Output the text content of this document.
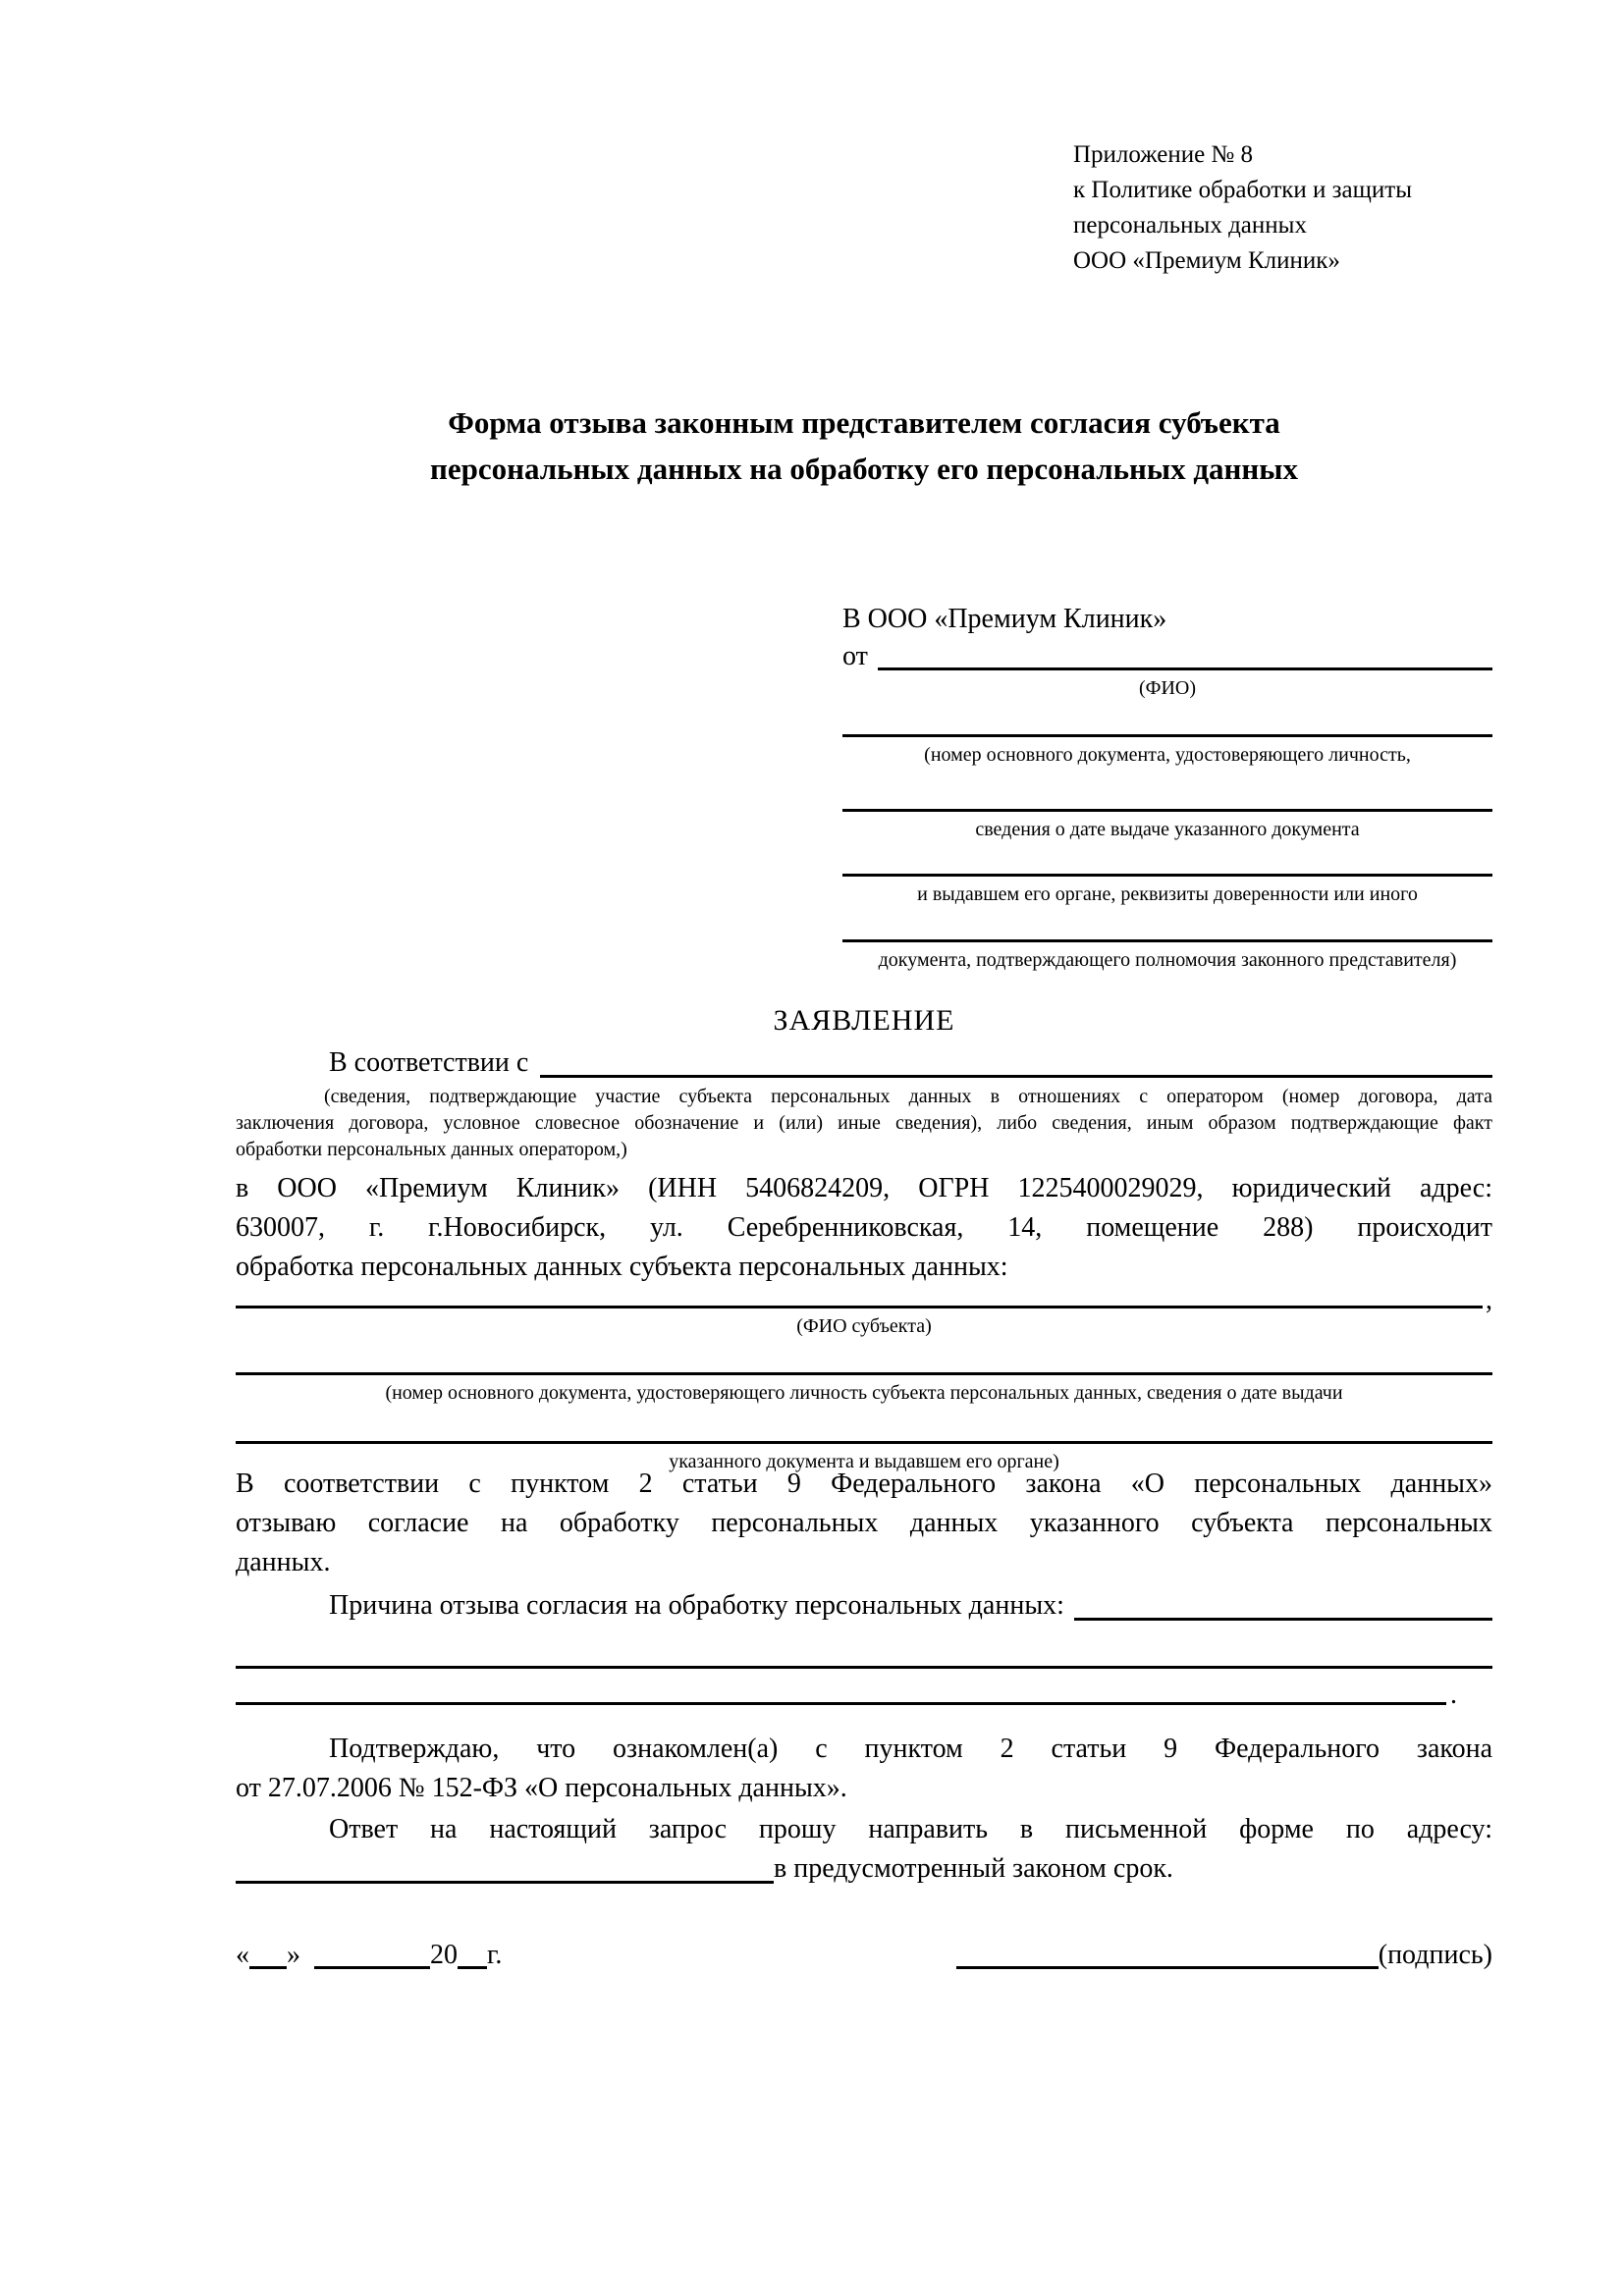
Приложение № 8
к Политике обработки и защиты
персональных данных
ООО «Премиум Клиник»
Форма отзыва законным представителем согласия субъекта
персональных данных на обработку его персональных данных
В ООО «Премиум Клиник»
от
(ФИО)
(номер основного документа, удостоверяющего личность,
сведения о дате выдаче указанного документа
и выдавшем его органе, реквизиты доверенности или иного
документа, подтверждающего полномочия законного представителя)
ЗАЯВЛЕНИЕ
В соответствии с
(сведения, подтверждающие участие субъекта персональных данных в отношениях с оператором (номер договора, дата
заключения договора, условное словесное обозначение и (или) иные сведения), либо сведения, иным образом подтверждающие факт
обработки персональных данных оператором,)
в ООО «Премиум Клиник» (ИНН 5406824209, ОГРН 1225400029029, юридический адрес:
630007, г. г.Новосибирск, ул. Серебренниковская, 14, помещение 288) происходит
обработка персональных данных субъекта персональных данных:
,
(ФИО субъекта)
(номер основного документа, удостоверяющего личность субъекта персональных данных, сведения о дате выдачи
указанного документа и выдавшем его органе)
В соответствии с пунктом 2 статьи 9 Федерального закона «О персональных данных»
отзываю согласие на обработку персональных данных указанного субъекта персональных
данных.
Причина отзыва согласия на обработку персональных данных:
.
Подтверждаю, что ознакомлен(а) с пунктом 2 статьи 9 Федерального закона
от 27.07.2006 № 152-ФЗ «О персональных данных».
Ответ на настоящий запрос прошу направить в письменной форме по адресу:
в предусмотренный законом срок.
« »	20 г.	(подпись)
